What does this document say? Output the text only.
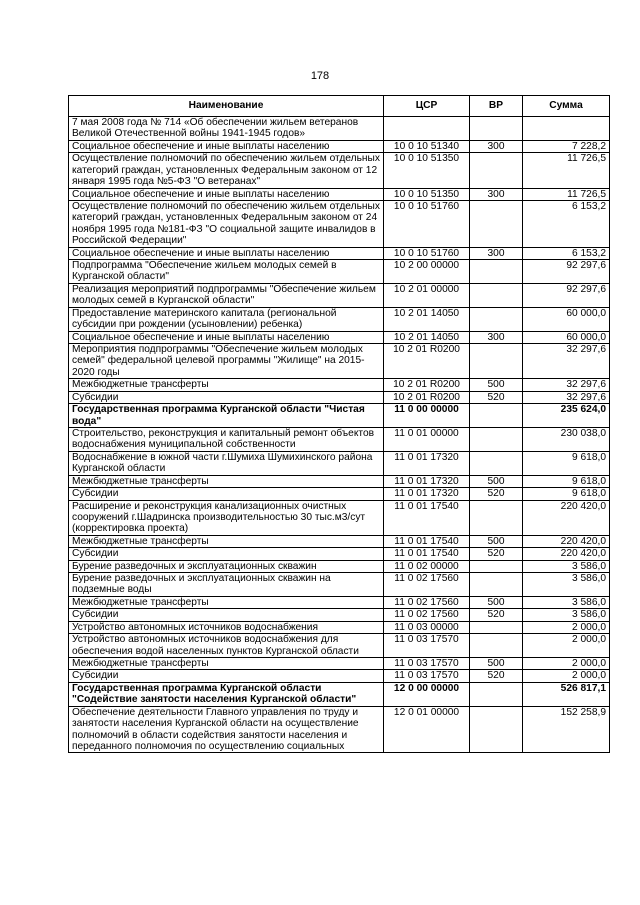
178
Наименование	ЦСР	ВР	Сумма
7 мая 2008 года № 714 «Об обеспечении жильем ветеранов Великой Отечественной войны 1941-1945 годов»			
Социальное обеспечение и иные выплаты населению	10 0 10 51340	300	7 228,2
Осуществление полномочий по обеспечению жильем отдельных категорий граждан, установленных Федеральным законом от 12 января 1995 года №5-ФЗ "О ветеранах"	10 0 10 51350		11 726,5
Социальное обеспечение и иные выплаты населению	10 0 10 51350	300	11 726,5
Осуществление полномочий по обеспечению жильем отдельных категорий граждан, установленных Федеральным законом от 24 ноября 1995 года №181-ФЗ "О социальной защите инвалидов в Российской Федерации"	10 0 10 51760		6 153,2
Социальное обеспечение и иные выплаты населению	10 0 10 51760	300	6 153,2
Подпрограмма "Обеспечение жильем молодых семей в Курганской области"	10 2 00 00000		92 297,6
Реализация мероприятий подпрограммы "Обеспечение жильем молодых семей в Курганской области"	10 2 01 00000		92 297,6
Предоставление материнского капитала (региональной субсидии при рождении (усыновлении) ребенка)	10 2 01 14050		60 000,0
Социальное обеспечение и иные выплаты населению	10 2 01 14050	300	60 000,0
Мероприятия подпрограммы "Обеспечение жильем молодых семей" федеральной целевой программы "Жилище" на 2015-2020 годы	10 2 01 R0200		32 297,6
Межбюджетные трансферты	10 2 01 R0200	500	32 297,6
Субсидии	10 2 01 R0200	520	32 297,6
Государственная программа Курганской области "Чистая вода"	11 0 00 00000		235 624,0
Строительство, реконструкция и капитальный ремонт объектов водоснабжения муниципальной собственности	11 0 01 00000		230 038,0
Водоснабжение в южной части г.Шумиха Шумихинского района Курганской области	11 0 01 17320		9 618,0
Межбюджетные трансферты	11 0 01 17320	500	9 618,0
Субсидии	11 0 01 17320	520	9 618,0
Расширение и реконструкция канализационных очистных сооружений г.Шадринска производительностью 30 тыс.м3/сут (корректировка проекта)	11 0 01 17540		220 420,0
Межбюджетные трансферты	11 0 01 17540	500	220 420,0
Субсидии	11 0 01 17540	520	220 420,0
Бурение разведочных и эксплуатационных скважин	11 0 02 00000		3 586,0
Бурение разведочных и эксплуатационных скважин на подземные воды	11 0 02 17560		3 586,0
Межбюджетные трансферты	11 0 02 17560	500	3 586,0
Субсидии	11 0 02 17560	520	3 586,0
Устройство автономных источников водоснабжения	11 0 03 00000		2 000,0
Устройство автономных источников водоснабжения для обеспечения водой населенных пунктов Курганской области	11 0 03 17570		2 000,0
Межбюджетные трансферты	11 0 03 17570	500	2 000,0
Субсидии	11 0 03 17570	520	2 000,0
Государственная программа Курганской области "Содействие занятости населения Курганской области"	12 0 00 00000		526 817,1
Обеспечение деятельности Главного управления по труду и занятости населения Курганской области на осуществление полномочий в области содействия занятости населения и переданного полномочия по осуществлению социальных	12 0 01 00000		152 258,9
